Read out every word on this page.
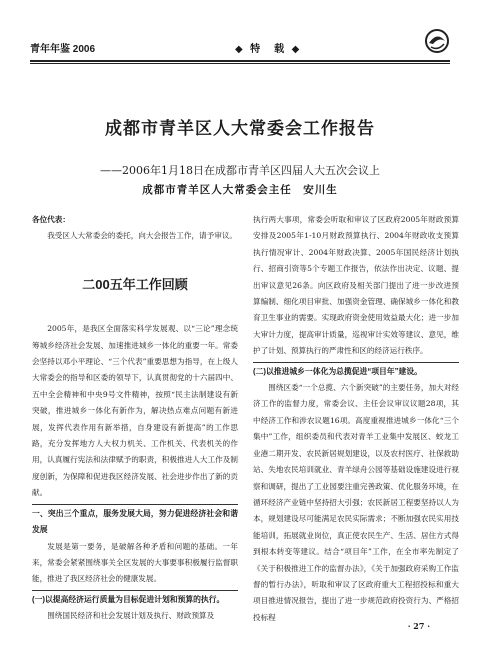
青年年鉴 2006	◆ 特　载 ◆
成都市青羊区人大常委会工作报告
——2006年1月18日在成都市青羊区四届人大五次会议上
成都市青羊区人大常委会主任　安川生

各位代表：

我受区人大常委会的委托，向大会报告工作，请予审议。

二00五年工作回顾

2005年，是我区全面落实科学发展观、以“三论”理念统筹城乡经济社会发展、加速推进城乡一体化的重要一年。常委会坚持以邓小平理论、“三个代表”重要思想为指导，在上级人大常委会的指导和区委的领导下，认真贯彻党的十六届四中、五中全会精神和中央9号文件精神，按照“民主法制建设有新突破，推进城乡一体化有新作为，解决热点难点问题有新进展，发挥代表作用有新举措，自身建设有新提高”的工作思路，充分发挥地方人大权力机关、工作机关、代表机关的作用，认真履行宪法和法律赋予的职责，积极推进人大工作及制度创新，为保障和促进我区经济发展、社会进步作出了新的贡献。

一、突出三个重点，服务发展大局，努力促进经济社会和谐发展

发展是第一要务，是破解各种矛盾和问题的基础。一年来，常委会紧紧围绕事关全区发展的大事要事积极履行监督职能，推进了我区经济社会的健康发展。

(一)以提高经济运行质量为目标促进计划和预算的执行。

围绕国民经济和社会发展计划及执行、财政预算及

执行两大事项，常委会听取和审议了区政府2005年财政预算安排及2005年1-10月财政预算执行、2004年财政收支预算执行情况审计、2004年财政决算、2005年国民经济计划执行、招商引资等5个专题工作报告，依法作出决定、议题、提出审议意见26条。向区政府及相关部门提出了进一步改进预算编制、细化项目审批、加强资金管理、确保城乡一体化和教育卫生事业的需要。实现政府资金使用效益最大化；进一步加大审计力度，提高审计质量，巡视审计实效等建议、意见，维护了计划、预算执行的严肃性和区的经济运行秩序。

(二)以推进城乡一体化为总揽促进“项目年”建设。

围绕区委“一个总揽、六个新突破”的主要任务，加大对经济工作的监督力度，常委会议、主任会议审议议题28项，其中经济工作和涉农议题16项。高度重视推进城乡一体化“三个集中”工作，组织委员和代表对青羊工业集中发展区、蛟龙工业港二期开发、农民新居规划建设，以及农村医疗、社保救助站、失地农民培训就业、青羊绿舟公园等基础设施建设进行视察和调研，提出了工业园要注重完善政策、优化服务环境，在循环经济产业链中坚持招大引强；农民新居工程要坚持以人为本，规划建设尽可能满足农民实际需求；不断加强农民实用技能培训，拓展就业岗位，真正使农民生产、生活、居住方式得到根本转变等建议。结合“项目年”工作，在全市率先制定了《关于积极推进工作的监督办法》，《关于加强政府采购工作监督的暂行办法》，听取和审议了区政府重大工程招投标和重大项目推进情况报告，提出了进一步规范政府投资行为、严格招投标程

· 27 ·
